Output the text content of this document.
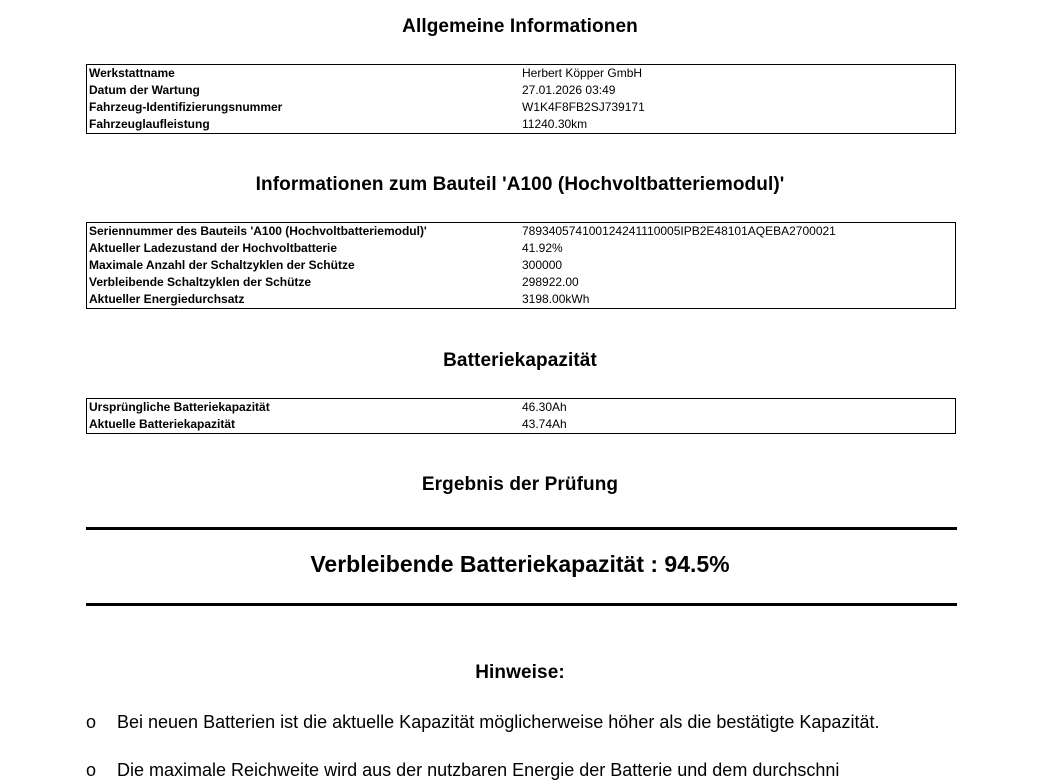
Allgemeine Informationen
Werkstattname	Herbert Köpper GmbH
Datum der Wartung	27.01.2026 03:49
Fahrzeug-Identifizierungsnummer	W1K4F8FB2SJ739171
Fahrzeuglaufleistung	11240.30km
Informationen zum Bauteil 'A100 (Hochvoltbatteriemodul)'
Seriennummer des Bauteils 'A100 (Hochvoltbatteriemodul)'	789340574100124241110005IPB2E48101AQEBA2700021
Aktueller Ladezustand der Hochvoltbatterie	41.92%
Maximale Anzahl der Schaltzyklen der Schütze	300000
Verbleibende Schaltzyklen der Schütze	298922.00
Aktueller Energiedurchsatz	3198.00kWh
Batteriekapazität
Ursprüngliche Batteriekapazität	46.30Ah
Aktuelle Batteriekapazität	43.74Ah
Ergebnis der Prüfung
Verbleibende Batteriekapazität : 94.5%
Hinweise:
o	Bei neuen Batterien ist die aktuelle Kapazität möglicherweise höher als die bestätigte Kapazität.
o	Die maximale Reichweite wird aus der nutzbaren Energie der Batterie und dem durchschni
